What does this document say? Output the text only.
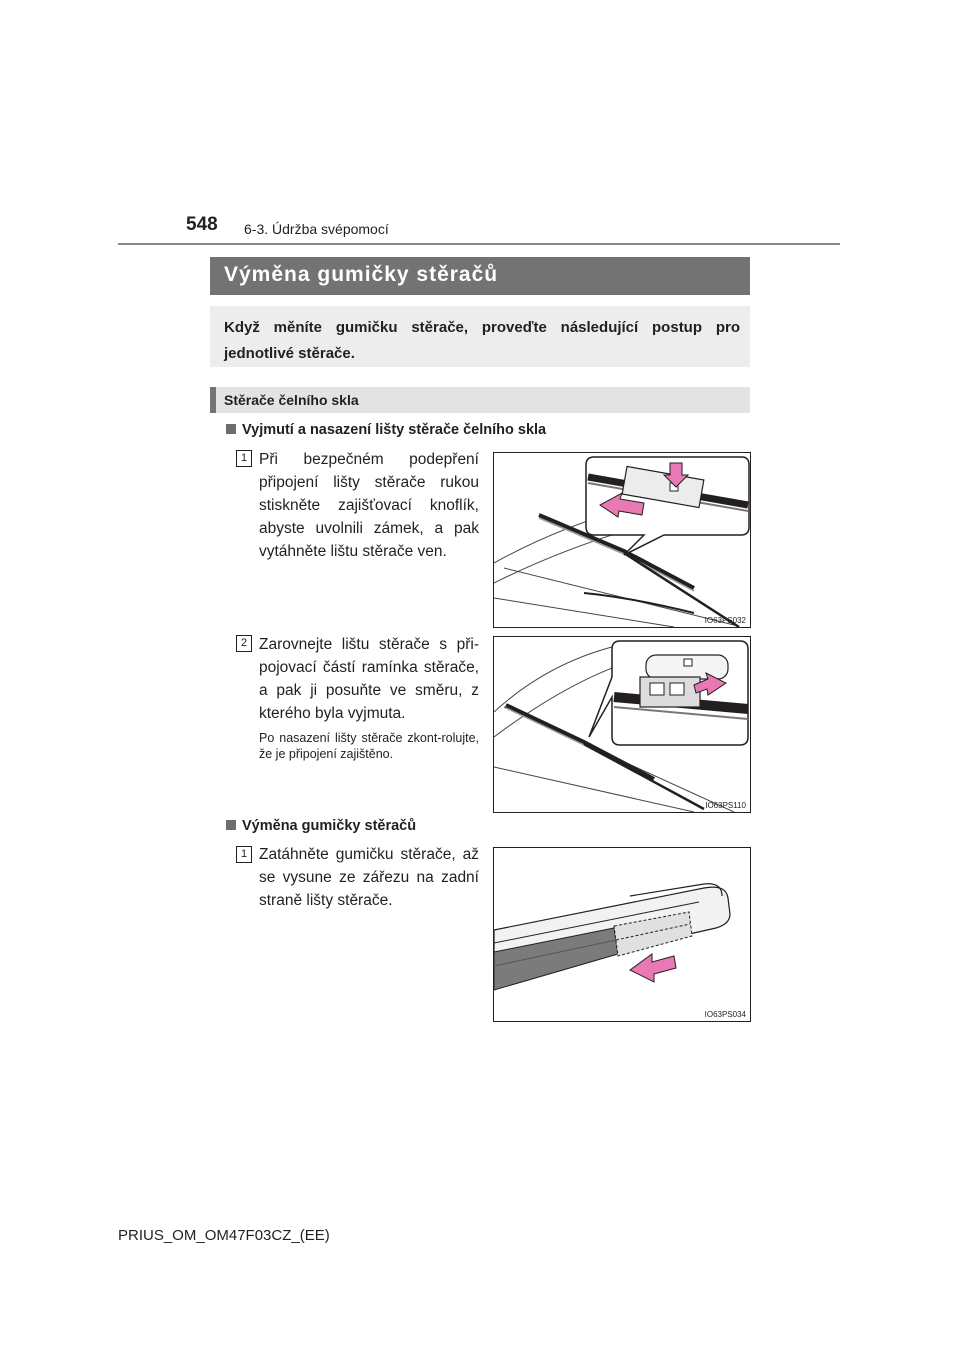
548 6-3. Údržba svépomocí
Výměna gumičky stěračů
Když měníte gumičku stěrače, proveďte následující postup pro jednotlivé stěrače.
Stěrače čelního skla
Vyjmutí a nasazení lišty stěrače čelního skla
1 Při bezpečném podepření připojení lišty stěrače rukou stiskněte zajišťovací knoflík, abyste uvolnili zámek, a pak vytáhněte lištu stěrače ven.
IO63PS032
2 Zarovnejte lištu stěrače s při-pojovací částí ramínka stěrače, a pak ji posuňte ve směru, z kterého byla vyjmuta.
Po nasazení lišty stěrače zkont-rolujte, že je připojení zajištěno.
IO63PS110
Výměna gumičky stěračů
1 Zatáhněte gumičku stěrače, až se vysune ze zářezu na zadní straně lišty stěrače.
IO63PS034
PRIUS_OM_OM47F03CZ_(EE)
